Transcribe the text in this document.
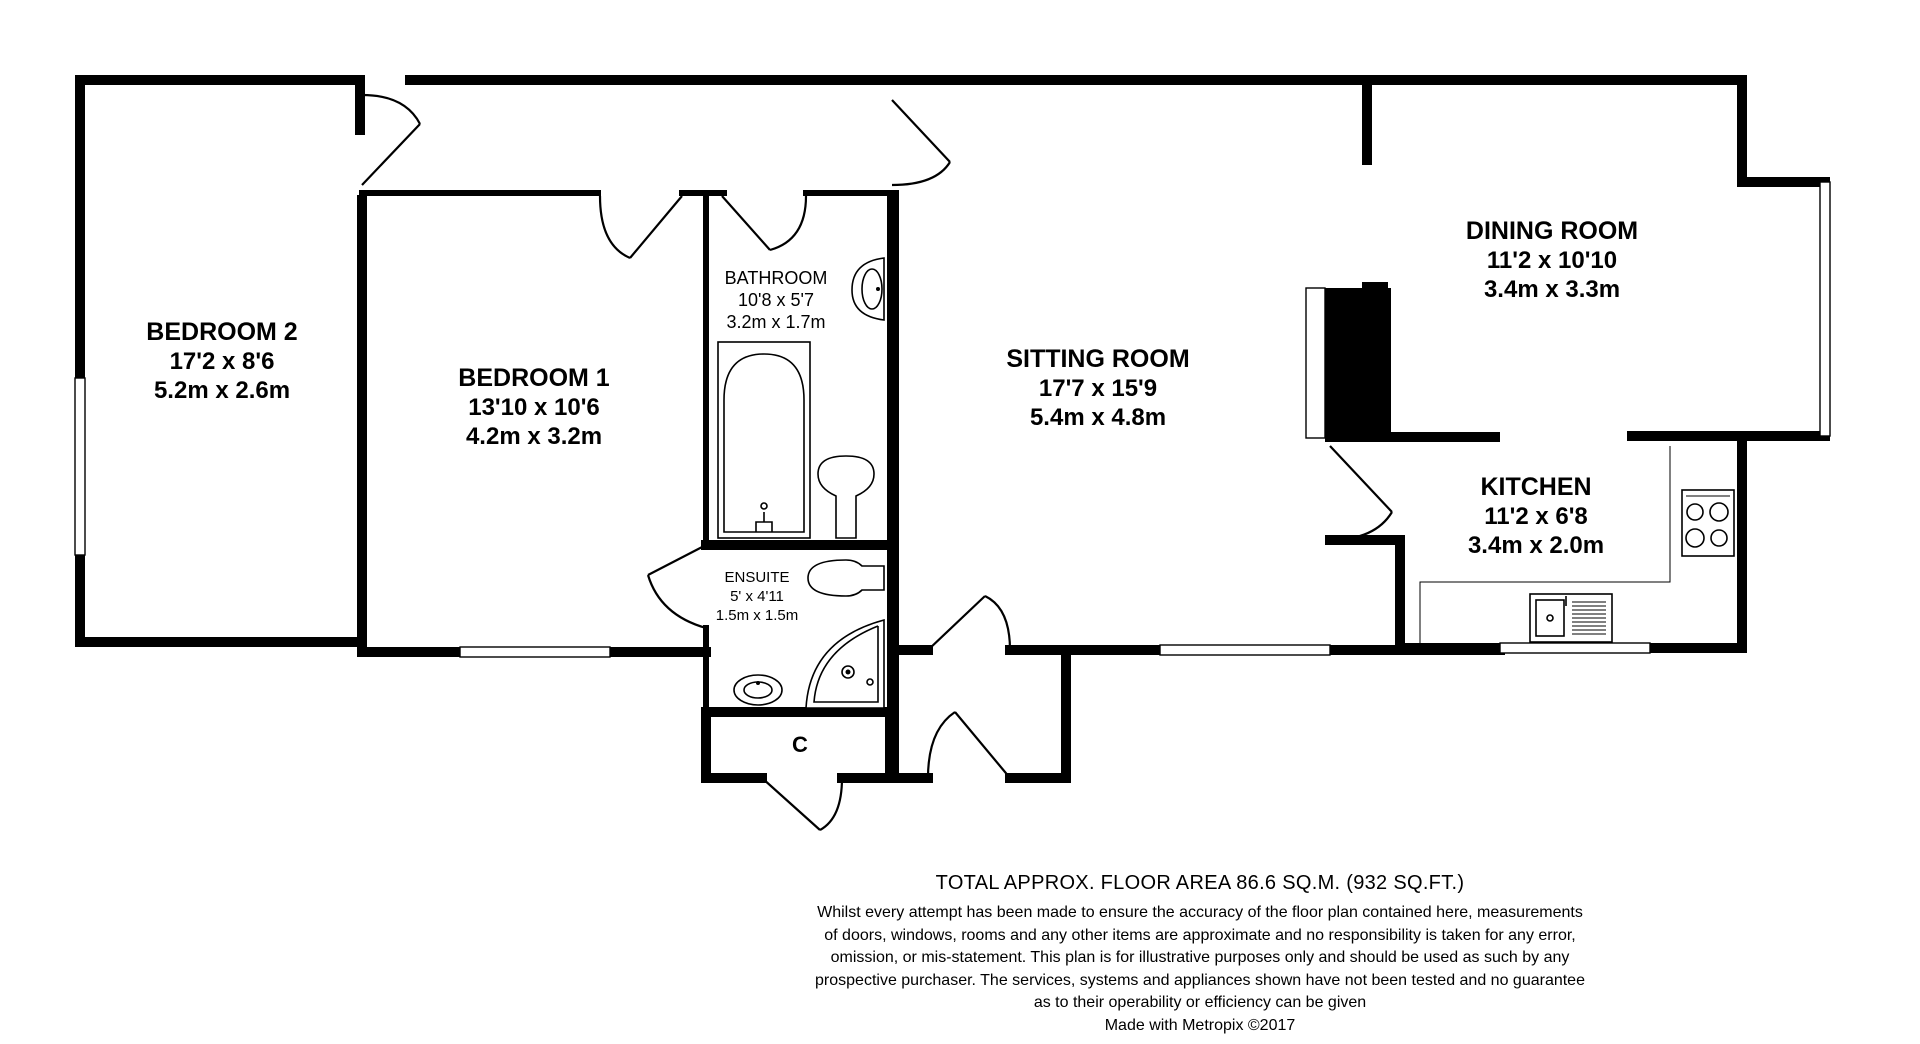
BEDROOM 2
17'2 x 8'6
5.2m x 2.6m	BEDROOM 1
13'10 x 10'6
4.2m x 3.2m
BATHROOM
10'8 x 5'7
3.2m x 1.7m
ENSUITE
5' x 4'11
1.5m x 1.5m
C
SITTING ROOM
17'7 x 15'9
5.4m x 4.8m
DINING ROOM
11'2 x 10'10
3.4m x 3.3m
KITCHEN
11'2 x 6'8
3.4m x 2.0m
TOTAL APPROX. FLOOR AREA 86.6 SQ.M. (932 SQ.FT.)
Whilst every attempt has been made to ensure the accuracy of the floor plan contained here, measurements
of doors, windows, rooms and any other items are approximate and no responsibility is taken for any error,
omission, or mis-statement. This plan is for illustrative purposes only and should be used as such by any
prospective purchaser. The services, systems and appliances shown have not been tested and no guarantee
as to their operability or efficiency can be given
Made with Metropix ©2017
